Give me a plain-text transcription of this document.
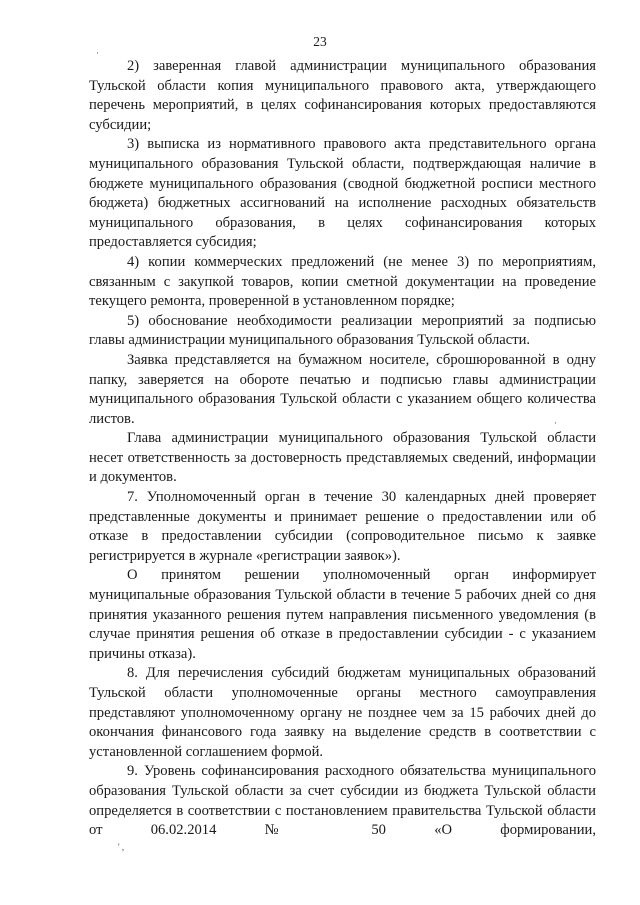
23

2) заверенная главой администрации муниципального образования Тульской области копия муниципального правового акта, утверждающего перечень мероприятий, в целях софинансирования которых предоставляются субсидии;

3) выписка из нормативного правового акта представительного органа муниципального образования Тульской области, подтверждающая наличие в бюджете муниципального образования (сводной бюджетной росписи местного бюджета) бюджетных ассигнований на исполнение расходных обязательств муниципального образования, в целях софинансирования которых предоставляется субсидия;

4) копии коммерческих предложений (не менее 3) по мероприятиям, связанным с закупкой товаров, копии сметной документации на проведение текущего ремонта, проверенной в установленном порядке;

5) обоснование необходимости реализации мероприятий за подписью главы администрации муниципального образования Тульской области.

Заявка представляется на бумажном носителе, сброшюрованной в одну папку, заверяется на обороте печатью и подписью главы администрации муниципального образования Тульской области с указанием общего количества листов.

Глава администрации муниципального образования Тульской области несет ответственность за достоверность представляемых сведений, информации и документов.

7. Уполномоченный орган в течение 30 календарных дней проверяет представленные документы и принимает решение о предоставлении или об отказе в предоставлении субсидии (сопроводительное письмо к заявке регистрируется в журнале «регистрации заявок»).

О принятом решении уполномоченный орган информирует муниципальные образования Тульской области в течение 5 рабочих дней со дня принятия указанного решения путем направления письменного уведомления (в случае принятия решения об отказе в предоставлении субсидии - с указанием причины отказа).

8. Для перечисления субсидий бюджетам муниципальных образований Тульской области уполномоченные органы местного самоуправления представляют уполномоченному органу не позднее чем за 15 рабочих дней до окончания финансового года заявку на выделение средств в соответствии с установленной соглашением формой.

9. Уровень софинансирования расходного обязательства муниципального образования Тульской области за счет субсидии из бюджета Тульской области определяется в соответствии с постановлением правительства Тульской области от 06.02.2014 № 50 «О формировании,

·
·
' ,
